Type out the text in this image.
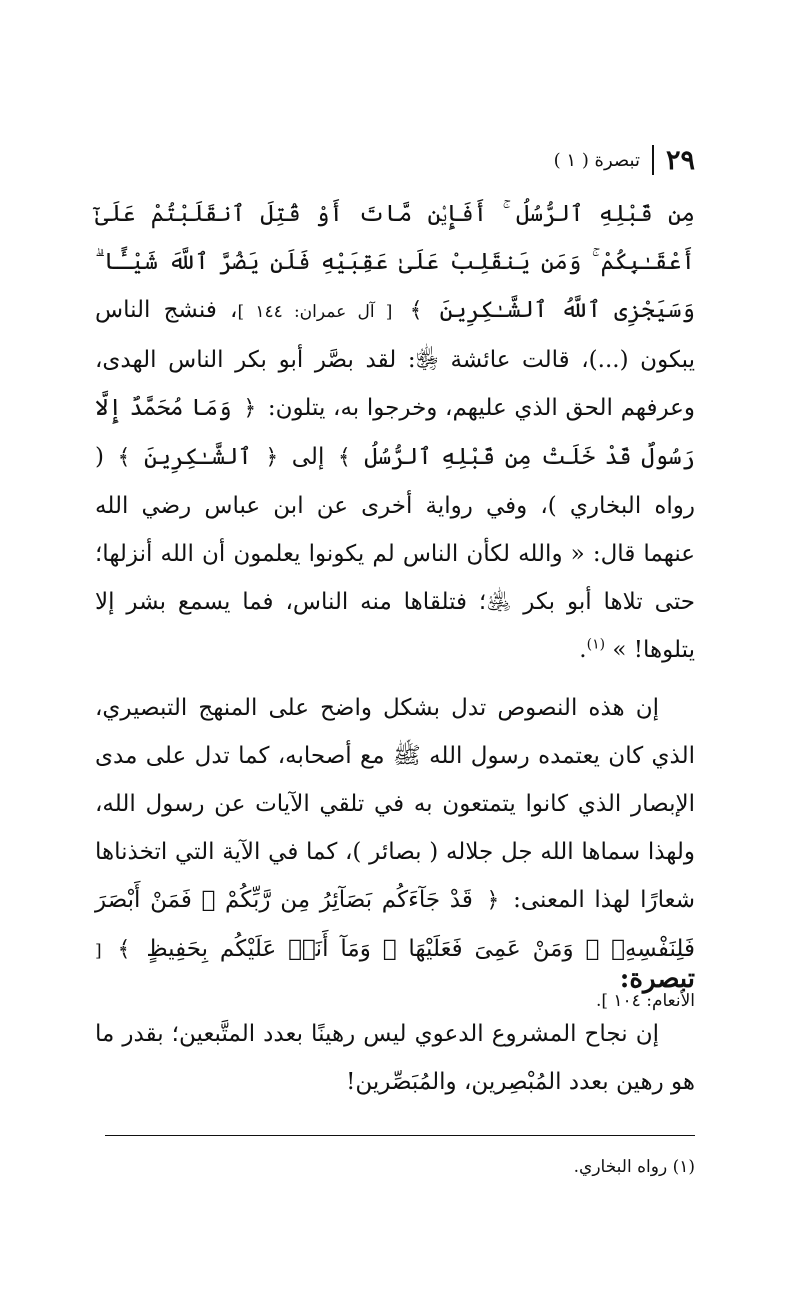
٢٩
تبصرة ( ١ )

مِن قَبْلِهِ ٱلرُّسُلُ ۚ أَفَإِي۟ن مَّاتَ أَوْ قُتِلَ ٱنقَلَبْتُمْ عَلَىٰٓ أَعْقَـٰبِكُمْ ۚ وَمَن يَنقَلِبْ عَلَىٰ عَقِبَيْهِ فَلَن يَضُرَّ ٱللَّهَ شَيْـًٔا ۗ وَسَيَجْزِى ٱللَّهُ ٱلشَّـٰكِرِينَ ﴾ [ آل عمران: ١٤٤ ]، فنشج الناس يبكون (...)، قالت عائشة ﵂: لقد بصَّر أبو بكر الناس الهدى، وعرفهم الحق الذي عليهم، وخرجوا به، يتلون: ﴿ وَمَا مُحَمَّدٌ إِلَّا رَسُولٌ قَدْ خَلَتْ مِن قَبْلِهِ ٱلرُّسُلُ ﴾ إلى ﴿ ٱلشَّـٰكِرِينَ ﴾ ( رواه البخاري )، وفي رواية أخرى عن ابن عباس رضي الله عنهما قال: « والله لكأن الناس لم يكونوا يعلمون أن الله أنزلها؛ حتى تلاها أبو بكر ﵁؛ فتلقاها منه الناس، فما يسمع بشر إلا يتلوها! » $^{(١)}$.

إن هذه النصوص تدل بشكل واضح على المنهج التبصيري، الذي كان يعتمده رسول الله ﷺ مع أصحابه، كما تدل على مدى الإبصار الذي كانوا يتمتعون به في تلقي الآيات عن رسول الله، ولهذا سماها الله جل جلاله ( بصائر )، كما في الآية التي اتخذناها شعارًا لهذا المعنى: ﴿ قَدْ جَآءَكُم بَصَآئِرُ مِن رَّبِّكُمْ ۖ فَمَنْ أَبْصَرَ فَلِنَفْسِهِۦ ۖ وَمَنْ عَمِىَ فَعَلَيْهَا ۚ وَمَآ أَنَا۠ عَلَيْكُم بِحَفِيظٍ ﴾ [ الأنعام: ١٠٤ ].

تبصرة:

إن نجاح المشروع الدعوي ليس رهينًا بعدد المتَّبعين؛ بقدر ما هو رهين بعدد المُبْصِرين، والمُبَصِّرين!

(١) رواه البخاري.
